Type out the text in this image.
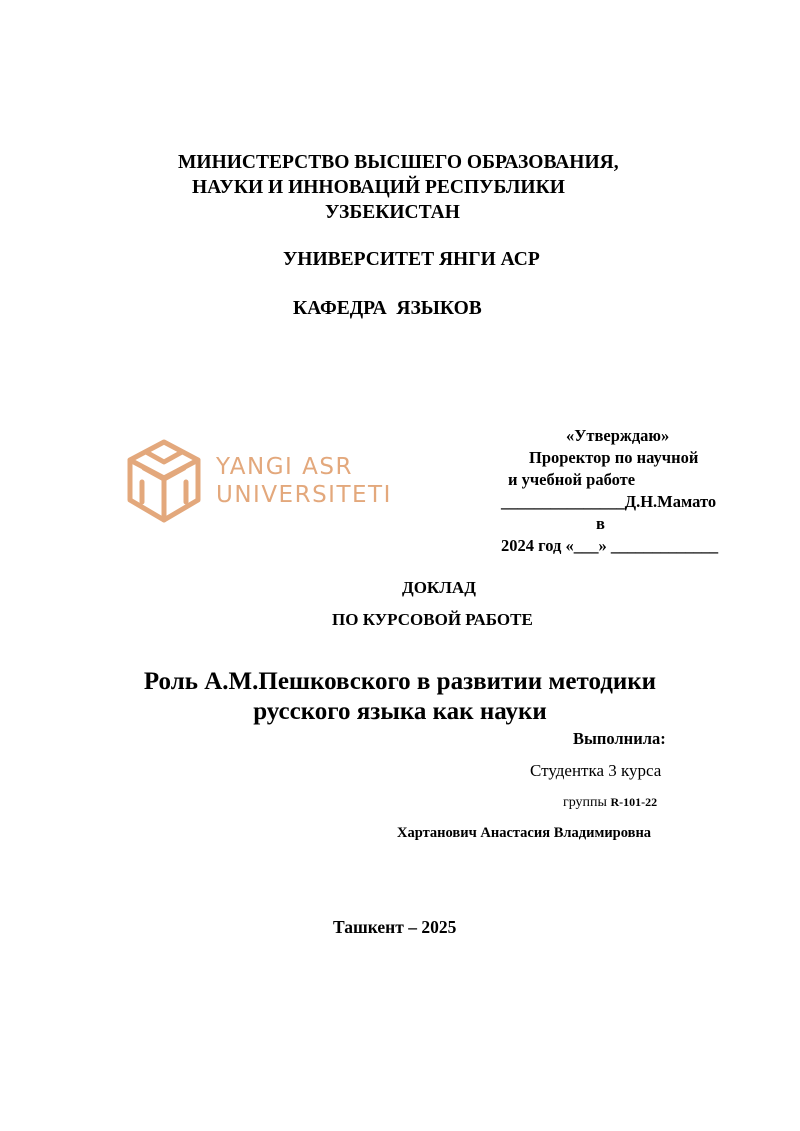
МИНИСТЕРСТВО ВЫСШЕГО ОБРАЗОВАНИЯ,
НАУКИ И ИННОВАЦИЙ РЕСПУБЛИКИ
УЗБЕКИСТАН
УНИВЕРСИТЕТ ЯНГИ АСР
КАФЕДРА  ЯЗЫКОВ
YANGI ASR
UNIVERSITETI
«Утверждаю»
Проректор по научной
и учебной работе
_______________Д.Н.Мамато
в
2024 год «___» _____________
ДОКЛАД
ПО КУРСОВОЙ РАБОТЕ
Роль А.М.Пешковского в развитии методики
русского языка как науки
Выполнила:
Студентка 3 курса
группы R-101-22
Хартанович Анастасия Владимировна
Ташкент – 2025
